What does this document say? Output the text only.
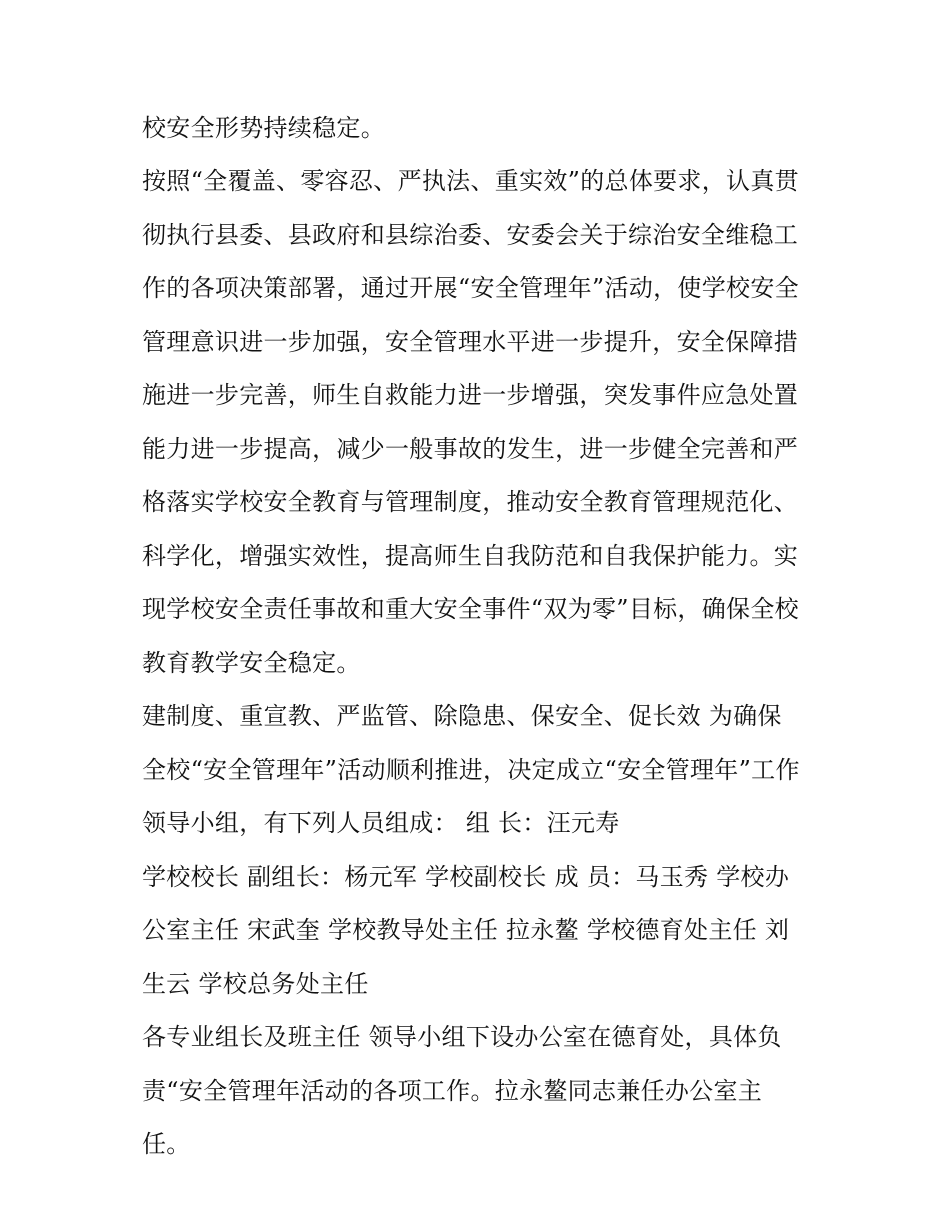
校安全形势持续稳定。
按照“全覆盖、零容忍、严执法、重实效”的总体要求，认真贯
彻执行县委、县政府和县综治委、安委会关于综治安全维稳工
作的各项决策部署，通过开展“安全管理年”活动，使学校安全
管理意识进一步加强，安全管理水平进一步提升，安全保障措
施进一步完善，师生自救能力进一步增强，突发事件应急处置
能力进一步提高，减少一般事故的发生，进一步健全完善和严
格落实学校安全教育与管理制度，推动安全教育管理规范化、
科学化，增强实效性，提高师生自我防范和自我保护能力。实
现学校安全责任事故和重大安全事件“双为零”目标，确保全校
教育教学安全稳定。
建制度、重宣教、严监管、除隐患、保安全、促长效 为确保
全校“安全管理年”活动顺利推进，决定成立“安全管理年”工作
领导小组，有下列人员组成： 组 长：汪元寿
学校校长 副组长：杨元军 学校副校长 成 员：马玉秀 学校办
公室主任 宋武奎 学校教导处主任 拉永鳌 学校德育处主任 刘
生云 学校总务处主任
各专业组长及班主任 领导小组下设办公室在德育处，具体负
责“安全管理年活动的各项工作。拉永鳌同志兼任办公室主
任。
